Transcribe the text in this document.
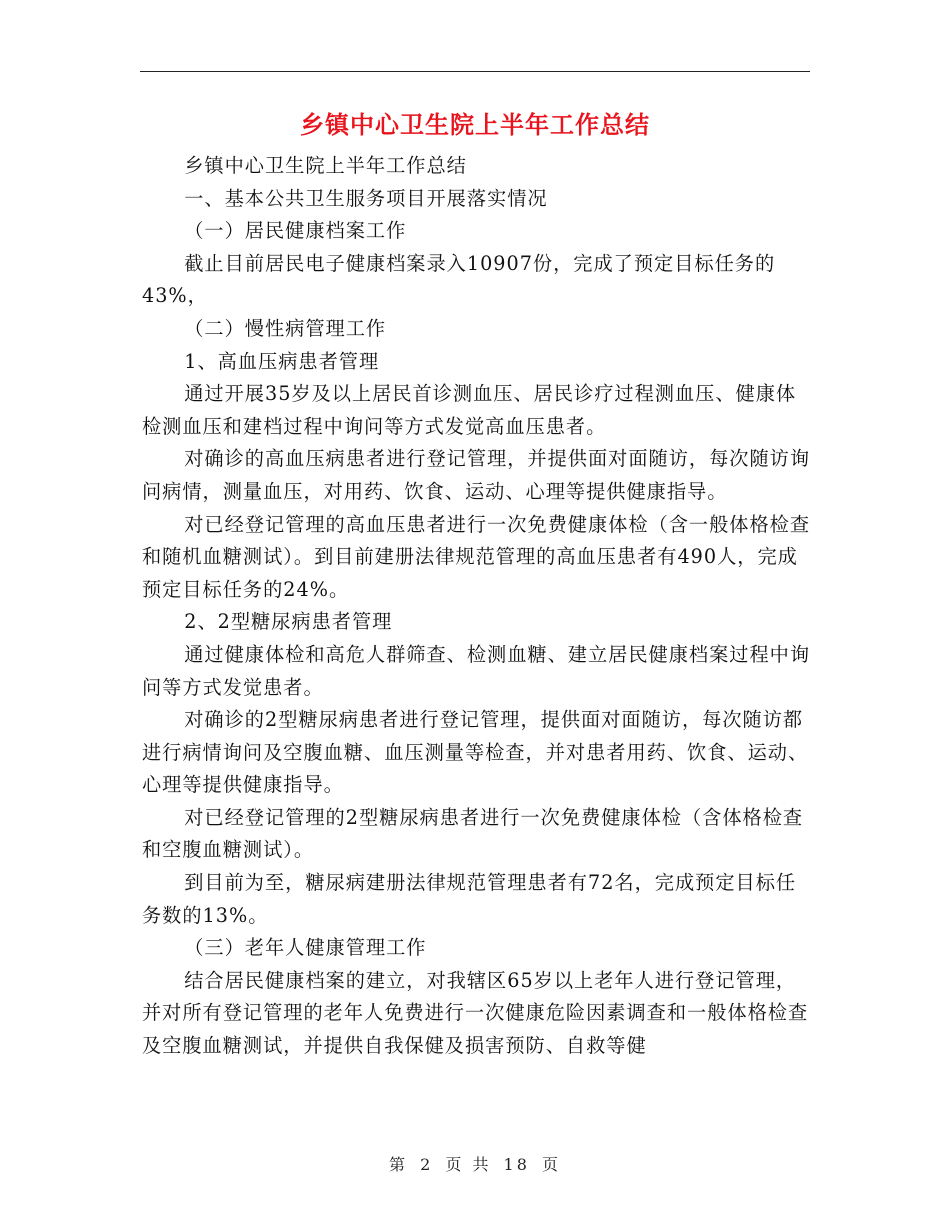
乡镇中心卫生院上半年工作总结

乡镇中心卫生院上半年工作总结

一、基本公共卫生服务项目开展落实情况

（一）居民健康档案工作

截止目前居民电子健康档案录入10907份，完成了预定目标任务的43%，

（二）慢性病管理工作

1、高血压病患者管理

通过开展35岁及以上居民首诊测血压、居民诊疗过程测血压、健康体检测血压和建档过程中询问等方式发觉高血压患者。

对确诊的高血压病患者进行登记管理，并提供面对面随访，每次随访询问病情，测量血压，对用药、饮食、运动、心理等提供健康指导。

对已经登记管理的高血压患者进行一次免费健康体检（含一般体格检查和随机血糖测试）。到目前建册法律规范管理的高血压患者有490人，完成预定目标任务的24%。

2、2型糖尿病患者管理

通过健康体检和高危人群筛查、检测血糖、建立居民健康档案过程中询问等方式发觉患者。

对确诊的2型糖尿病患者进行登记管理，提供面对面随访，每次随访都进行病情询问及空腹血糖、血压测量等检查，并对患者用药、饮食、运动、心理等提供健康指导。

对已经登记管理的2型糖尿病患者进行一次免费健康体检（含体格检查和空腹血糖测试）。

到目前为至，糖尿病建册法律规范管理患者有72名，完成预定目标任务数的13%。

（三）老年人健康管理工作

结合居民健康档案的建立，对我辖区65岁以上老年人进行登记管理，并对所有登记管理的老年人免费进行一次健康危险因素调查和一般体格检查及空腹血糖测试，并提供自我保健及损害预防、自救等健

第 2 页 共 18 页
